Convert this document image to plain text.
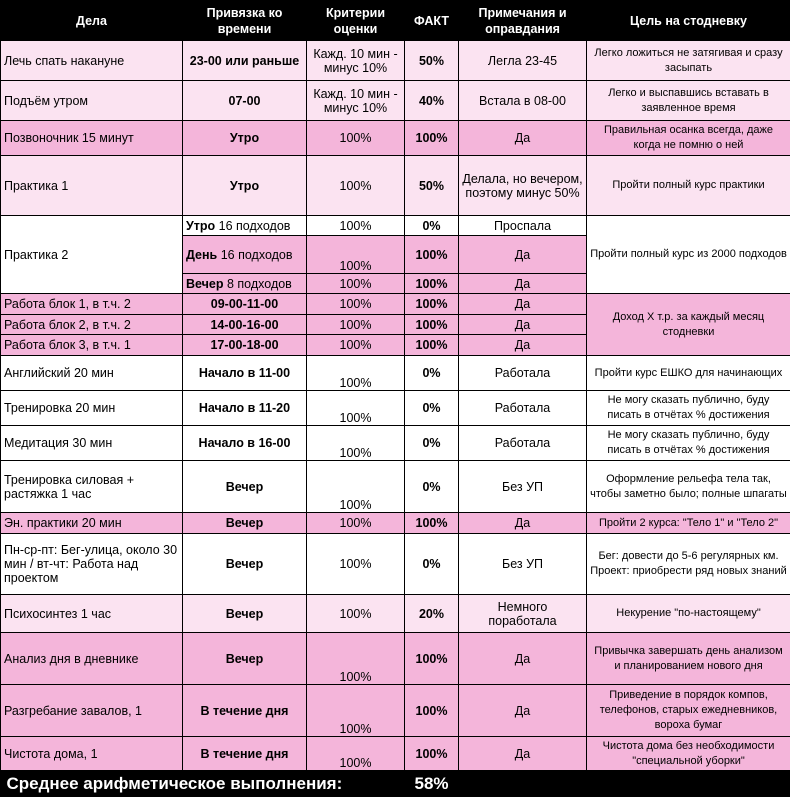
Дела	Привязка ко времени	Критерии оценки	ФАКТ	Примечания и оправдания	Цель на стодневку
Лечь спать накануне	23-00 или раньше	Кажд. 10 мин - минус 10%	50%	Легла 23-45	Легко ложиться не затягивая и сразу засыпать
Подъём утром	07-00	Кажд. 10 мин - минус 10%	40%	Встала в 08-00	Легко и выспавшись вставать в заявленное время
Позвоночник 15 минут	Утро	100%	100%	Да	Правильная осанка всегда, даже когда не помню о ней
Практика 1	Утро	100%	50%	Делала, но вечером, поэтому минус 50%	Пройти полный курс практики
Практика 2	Утро 16 подходов	100%	0%	Проспала	Пройти полный курс из 2000 подходов
	День 16 подходов	100%	100%	Да	
	Вечер 8 подходов	100%	100%	Да	
Работа блок 1, в т.ч. 2	09-00-11-00	100%	100%	Да	Доход X т.р. за каждый месяц стодневки
Работа блок 2, в т.ч. 2	14-00-16-00	100%	100%	Да	
Работа блок 3, в т.ч. 1	17-00-18-00	100%	100%	Да	
Английский 20 мин	Начало в 11-00	100%	0%	Работала	Пройти курс ЕШКО для начинающих
Тренировка 20 мин	Начало в 11-20	100%	0%	Работала	Не могу сказать публично, буду писать в отчётах % достижения
Медитация 30 мин	Начало в 16-00	100%	0%	Работала	Не могу сказать публично, буду писать в отчётах % достижения
Тренировка силовая + растяжка 1 час	Вечер	100%	0%	Без УП	Оформление рельефа тела так, чтобы заметно было; полные шпагаты
Эн. практики 20 мин	Вечер	100%	100%	Да	Пройти 2 курса: "Тело 1" и "Тело 2"
Пн-ср-пт: Бег-улица, около 30 мин / вт-чт: Работа над проектом	Вечер	100%	0%	Без УП	Бег: довести до 5-6 регулярных км. Проект: приобрести ряд новых знаний
Психосинтез 1 час	Вечер	100%	20%	Немного поработала	Некурение "по-настоящему"
Анализ дня в дневнике	Вечер	100%	100%	Да	Привычка завершать день анализом и планированием нового дня
Разгребание завалов, 1	В течение дня	100%	100%	Да	Приведение в порядок компов, телефонов, старых ежедневников, вороха бумаг
Чистота дома, 1	В течение дня	100%	100%	Да	Чистота дома без необходимости "специальной уборки"
Среднее арифметическое выполнения:			58%		
